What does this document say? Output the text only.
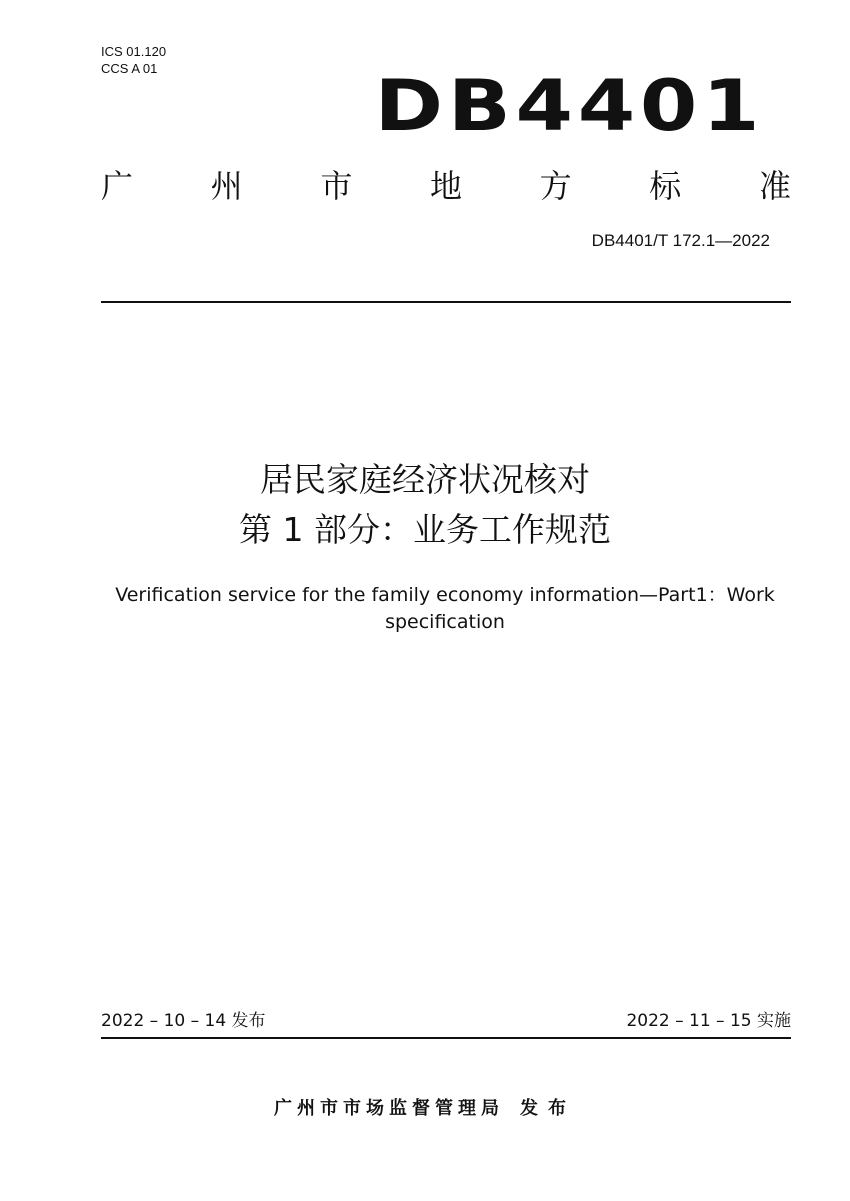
ICS 01.120
CCS A 01	DB4401
广 州 市 地 方 标 准
DB4401/T 172.1—2022
居民家庭经济状况核对
第 1 部分：业务工作规范
Verification service for the family economy information—Part1：Work specification
2022 – 10 – 14 发布	2022 – 11 – 15 实施
广州市市场监督管理局 发布
